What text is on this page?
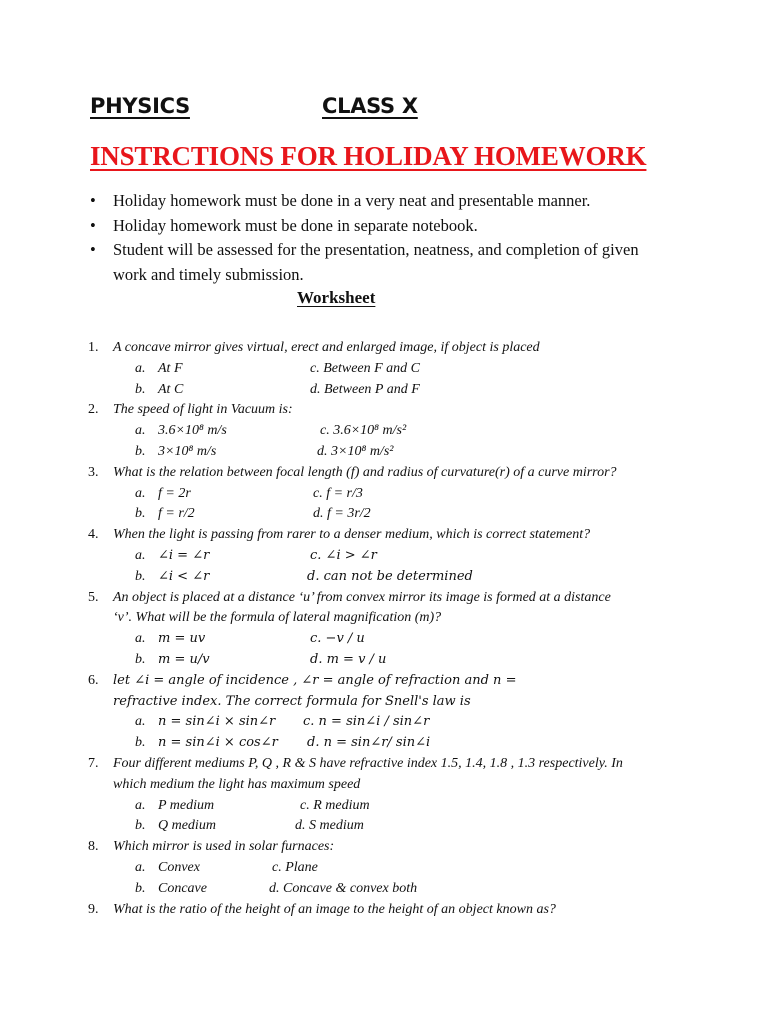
PHYSICS	CLASS X
INSTRCTIONS FOR HOLIDAY HOMEWORK
• Holiday homework must be done in a very neat and presentable manner.
• Holiday homework must be done in separate notebook.
• Student will be assessed for the presentation, neatness, and completion of given
work and timely submission.
Worksheet
1. A concave mirror gives virtual, erect and enlarged image, if object is placed
a. At F	c. Between F and C
b. At C	d. Between P and F
2. The speed of light in Vacuum is:
a. 3.6×10⁸ m/s	c. 3.6×10⁸ m/s²
b. 3×10⁸ m/s	d. 3×10⁸ m/s²
3. What is the relation between focal length (f) and radius of curvature(r) of a curve mirror?
a. f = 2r	c. f = r/3
b. f = r/2	d. f = 3r/2
4. When the light is passing from rarer to a denser medium, which is correct statement?
a. ∠i = ∠r	c. ∠i > ∠r
b. ∠i < ∠r	d. can not be determined
5. An object is placed at a distance ‘u’ from convex mirror its image is formed at a distance
‘v’. What will be the formula of lateral magnification (m)?
a. m = uv	c. −v / u
b. m = u/v	d. m = v / u
6. let ∠i = angle of incidence , ∠r = angle of refraction and n =
refractive index. The correct formula for Snell's law is
a. n = sin∠i × sin∠r c. n = sin∠i / sin∠r
b. n = sin∠i × cos∠r d. n = sin∠r/ sin∠i
7. Four different mediums P, Q , R & S have refractive index 1.5, 1.4, 1.8 , 1.3 respectively. In
which medium the light has maximum speed
a. P medium	c. R medium
b. Q medium	d. S medium
8. Which mirror is used in solar furnaces:
a. Convex	c. Plane
b. Concave	d. Concave & convex both
9. What is the ratio of the height of an image to the height of an object known as?
